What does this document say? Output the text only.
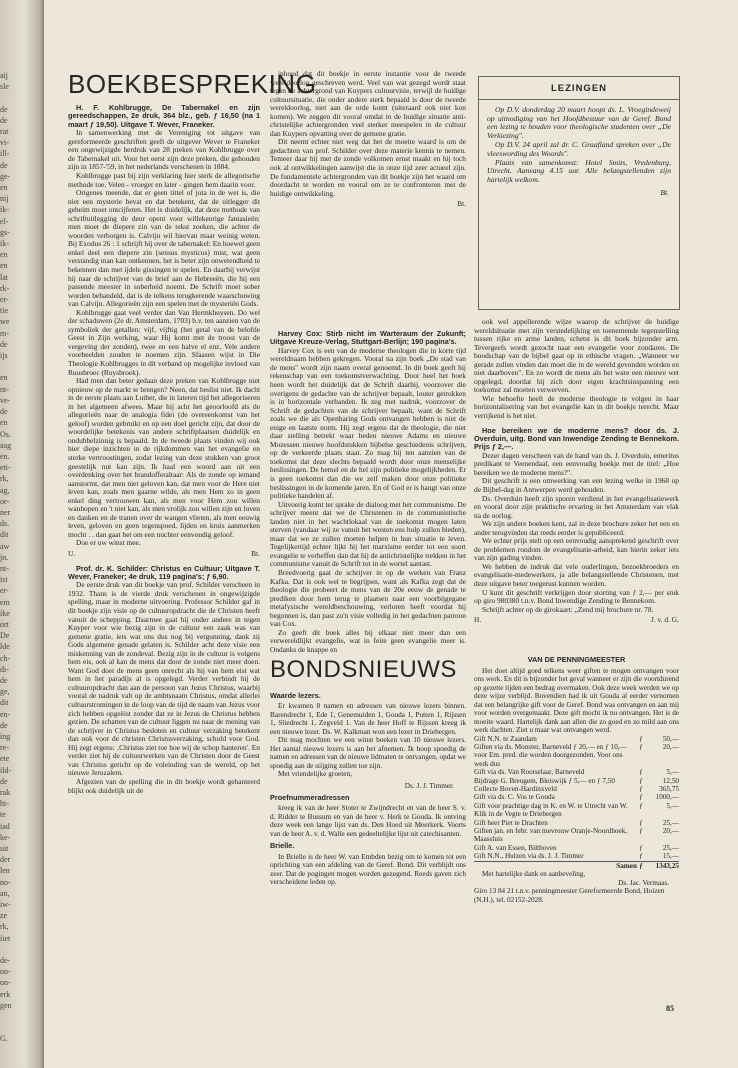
aij
sle

de
de
rat
vi-
ill-
de
ge-
en
nij
ik-
el-
gs-
ik-
en
en
lat
rk-
er-
tie
we
m-
de
ijs

en
nt-
ve-
de
en
Os.
aag
en.
eti-
rk,
ag,
or-
ner
ds.
dit
aw
jn.
nt-
ist
er-
em
ike
ort
De
lde
ch-
di-
de
ge,
dit
en-
de
ing
re-
ete
ild-
de
rak
ht-
te
iad
ke-
uit
der
len
no-
an,
iw-
ze
rk,
iiet

de-
on-
on-
erk
gen

G.
BOEKBESPREKING
H. F. Kohlbrugge, De Tabernakel en zijn gereedschappen, 2e druk, 364 blz., geb. ƒ 16,50 (na 1 maart ƒ 19,50). Uitgave T. Wever, Franeker.

In samenwerking met de Vereniging tot uitgave van gereformeerde geschriften geeft de uitgever Wever te Franeker een ongewijzigde herdruk van 28 preken van Kohlbrugge over de Tabernakel uit. Voor het eerst zijn deze preken, die gehouden zijn in 1857-'59, in het nederlands verschenen in 1884.

Kohlbrugge past bij zijn verklaring hier sterk de allegorische methode toe. Velen - vroeger en later - gingen hem daarin voor.

Origenes meende, dat er geen tittel of jota in de wet is, die niet een mysterie bevat en dat betekent, dat de uitlegger dit geheim moet ontcijferen. Het is duidelijk, dat deze methode van schriftuitlegging de deur opent voor willekeurige fantasieën: men moet de diepere zin van de tekst zoeken, die achter de woorden verborgen is. Calvijn wil hiervan maar weinig weten. Bij Exodus 26 : 1 schrijft hij over de tabernakel: En hoewel geen enkel deel een diepere zin (sensus mysticus) mist, wat geen verstandig man kan ontkennen, het is beter zijn onwetendheid te bekennen dan met ijdele gissingen te spelen. En daarbij verwijst hij naar de schrijver van de brief aan de Hebreeën, die hij een passende meester in soberheid noemt. De Schrift moet sober worden behandeld, dat is de telkens terugkerende waarschuwing van Calvijn. Allegorieën zijn een spelen met de mysteriën Gods.

Kohlbrugge gaat veel verder dan Van Hermkhuysen. Do wel der schaduwen (2e dr. Amsterdam, 1703) b.v. ten aanzien van de symboliek der getallen: vijf, vijftig (het getal van de belofde Geest in Zijn werking, waar Hij komt met de troost van de vergeving der zonden), twee en een halve el enz. Vele andere voorbeelden zouden te noemen zijn. Sfaasen wijst in Die Theologie Kohlbrugges in dit verband op mogelijke invloed van Ruusbroec (Ruysbroek).

Had men dan beter gedaan deze preken van Kohlbrugge niet opnieuw op de markt te brengen? Neen, dat beslist niet. Ik dacht in de eerste plaats aan Luther, die in lateren tijd het allegoriseren in het algemeen afwees. Maar hij acht het geoorloofd als de allegorieën naar de analogia fidei (de overeenkomst van het geloof) worden gebruikt en op een doel gericht zijn, dat door de woordelijke betekenis van andere schriftplaatsen duidelijk en ondubbelzinnig is bepaald. In de tweede plaats vinden wij ook hier diepe inzichten in de rijkdommen van het evangelie en sterke vertroostingen, zodat lezing van deze stukken van groot geestelijk nut kan zijn. Ik haal een woord aan uit een overdenking over het brandofferaltaar: Als de zonde op iemand aanstormt, dat men niet geloven kan, dat men voor de Here niet leven kan, zoals men gaarne wilde, als men Hem zo in geen enkel ding vertrouwen kan, als men voor Hem zou willen wanhopen en 't niet kan, als men vrolijk zou willen zijn en loven en danken en de tranen over de wangen vlieten, als men eeuwig leven, geloven en geen tegenspoed, lijden en kruis aanmerken mocht . . dan gaat het om een nuchter eenvoudig geloof.

Doe er uw winst mee.

U.	Bt.
Prof. dr. K. Schilder: Christus en Cultuur; Uitgave T. Wever, Franeker; 4e druk, 119 pagina's; ƒ 6,90.

De eerste druk van dit boekje van prof. Schilder verscheen in 1932. Thans is de vierde druk verschenen in ongewijzigde spelling, maar in moderne uitvoering. Professor Schilder gaf in dit boekje zijn visie op de cultuuropdracht die de Christen heeft vanuit de schepping. Daarmee gaat hij onder andere in tegen Kuyper voor wie bezig zijn in de cultuur een zaak was van gemene gratie, iets wat ons dus nog bij vergunning, dank zij Gods algemene genade gelaten is. Schilder acht deze visie een miskenning van de zondeval. Bezig zijn in de cultuur is volgens hem eis, ook al kan de mens dat door de zonde niet meer doen. Want God doet de mens geen onrecht als hij van hem eist wat hem in het paradijs al is opgelegd. Verder verbindt hij de cultuuropdracht dan aan de persoon van Jezus Christus, waarbij vooral de nadruk valt op de ambtsnaam Christus, omdat allerlei cultuurstromingen in de loop van de tijd de naam van Jezus voor zich hebben opgeëist zonder dat ze in Jezus de Christus hebben gezien. De schatten van de cultuur liggen nu naar de mening van de schrijver in Christus besloten en cultuur verzaking betekent dan ook voor de christen Christusverzaking, schuld voor God. Hij zegt ergens: ‚Christus ziet toe hoe wij de schop hanteren'. En verder ziet hij de cultuurwerken van de Christen door de Geest van Christus gericht op de voleinding van de wereld, op het nieuwe Jeruzalem.

Afgezien van de spelling die in dit boekje wordt gehanteerd blijkt ook duidelijk uit de

inhoud dat dit boekje in eerste instantie voor de tweede wereldoorlog geschreven werd. Veel van wat gezegd wordt staat tegen de achtergrond van Kuypers cultuurvisie, terwijl de huidige cultuursituatie, die onder andere sterk bepaald is door de tweede wereldoorlog, niet aan de orde komt (uiteraard ook niet kon komen). We zeggen dit vooral omdat in de huidige situatie anti-christelijke achtergronden veel sterker meespelen in de cultuur dan Kuypers opvatting over de gemene gratie.

Dit neemt echter niet weg dat het de moeite waard is om de gedachten van prof. Schilder over deze materie kennis te nemen. Temeer daar hij met de zonde volkomen ernst maakt en hij toch ook al ontwikkelingen aanwijst die in onze tijd zeer actueel zijn. De fundamentele achtergronden van dit boekje zijn het waard om doordacht te worden en vooral om ze te confronteren met de huidige ontwikkeling.

Bt.
Harvey Cox: Stirb nicht im Warteraum der Zukunft; Uitgave Kreuze-Verlag, Stuttgart-Berlijn; 190 pagina's.

Harvey Cox is een van de moderne theologen die in korte tijd wereldnaam hebben gekregen. Vooral na zijn boek „De stad van de mens" wordt zijn naam overal genoemd. In dit boek geeft hij rekenschap van een toekomstverwachting. Door heel het boek heen wordt het duidelijk dat de Schrift daarbij, voorzover die overigens de gedachte van de schrijver bepaalt, louter getrokken is in horizontale verbanden. Ik zeg met nadruk, voorzover de Schrift de gedachten van de schrijver bepaalt, want de Schrift zoals we die als Openbaring Gods ontvangen hebben is niet de enige en laatste norm. Hij zegt ergens dat de theologie, die niet daar stelling betrekt waar heden nieuwe Adams en nieuwe Mozessen nieuwe hoofdstukken bijbelse geschiedenis schrijven, op de verkeerde plaats staat. Zo mag hij ten aanzien van de toekomst dat deze slechts bepaald wordt door onze menselijke beslissingen. De hemel en de hel zijn politieke mogelijkheden. Er is geen toekomst dan die we zelf maken door onze politieke beslissingen in de komende jaren. En of God er is hangt van onze politieke handelen af.

Uitvoerig komt ter sprake de dialoog met het communisme. De schrijver meent dat we de Christenen in de communistische landen niet in het wachtlokaal van de toekomst mogen laten sterven (vandaar wij ze vanuit het westen ens hulp zullen bieden), maar dat we ze zullen moeten helpen in hun situatie te leven. Tegelijkertijd echter lijkt hij het marxisme eerder tot een soort evangelie te verheffen dan dat hij de antichristelijke trekken in het communisme vanuit de Schrift tot in de wortel aantast.

Breedvoerig gaat de schrijver in op de werken van Franz Kafka. Dat is ook wel te begrijpen, want als Kafka zegt dat de theologie die probeert de mens van de 20e eeuw de genade te prediken door hem terug te plaatsen naar een voorbijgegane metafysische wereldbeschouwing, verloren heeft voordat hij begonnen is, dan past zo'n visie volledig in het gedachten patroon van Cox.

Zo geeft dit boek alles bij elkaar niet meer dan een verwereldlijkt evangelie, wat in feite geen evangelie meer is. Ondanks de knappe en

LEZINGEN

Op D.V. donderdag 20 maart hoopt ds. L. Vroegindeweij op uitnodiging van het Hoofdbestuur van de Geref. Bond een lezing te houden voor theologische studenten over „De Verkiezing".

Op D.V. 24 april zal dr. C. Graafland spreken over „De vleeswording des Woords".

Plaats van samenkomst: Hotel Smits, Vredenburg, Utrecht. Aanvang 4.15 uur. Alle belangstellenden zijn hartelijk welkom.

Bt.

ook wel appellerende wijze waarop de schrijver de huidige wereldsituatie met zijn verstedelijking en toenemende tegenstelling tussen rijke en arme landen, schetst is dit boek bijzonder arm. Tevergeefs wordt gezocht naar een evangelie voor zondaren. De boodschap van de bijbel gaat op in ethische vragen. „Wanneer we gerade zullen vinden dan moet die in de wereld gevonden worden en niet daarboven". En zo wordt de mens als het ware een nieuwe wet opgelegd, doordat hij zich door eigen krachtsinspanning een toekomst zal moeten verwerven.

Wie behoefte heeft de moderne theologie te volgen in haar horizontalisering van het evangelie kan in dit boekje terecht. Maar verrijkend is het niet.

Hoe bereiken we de moderne mens? door ds. J. Overduin, uitg. Bond van Inwendige Zending te Bennekom. Prijs ƒ 2,—.

Dezer dagen verscheen van de hand van ds. J. Overduin, emeritus predikant te Veenendaal, een eenvoudig boekje met de titel: „Hoe bereiken we de moderne mens?".

Dit geschrift is een omwerking van een lezing welke in 1968 op de Bijbel-dag in Antwerpen werd gehouden.

Ds. Overduin heeft zijn sporen verdiend in het evangelisatiewerk en vooral door zijn praktische ervaring in het Amsterdam van vlak na de oorlog.

We zijn andere boeken kent, zal in deze brochure zeker het een en ander terugvinden dat reeds eerder is gepubliceerd.

We echter prijs stelt op een eenvoudig aansprekend geschrift over de problemen rondom de evangelisatie-arbeid, kan hierin zeker iets van zijn gading vinden.

We hebben de indruk dat vele ouderlingen, bezoekbroeders en evangelisatie-medewerkers, ja alle belangstellende Christenen, met deze uitgave beter toegerust kunnen worden.

U kunt dit geschrift verkrijgen door storting van ƒ 2,— per stuk op giro 980380 t.n.v. Bond Inwendige Zending te Bennekom.

Schrijft achter op de girokaart: „Zend mij brochure nr. 78.

H.	J. v. d. G.
BONDSNIEUWS
Waarde lezers.

Er kwamen 8 namen en adressen van nieuwe lezers binnen. Barendrecht 1, Ede 1, Genemuiden 1, Gouda 1, Putten 1, Rijssen 1, Sliedrecht 1, Zegveld 1. Van de heer Hoff te Rijssen kreeg ik een nieuwe lezer. Ds. W. Kalkman won een lezer in Driebergen.

Dit mag mochten we een winst boeken van 10 nieuwe lezers. Het aantal nieuwe lezers is aan het afnemen. Ik hoop spoedig de namen en adressen van de nieuwe lidmaten te ontvangen, opdat we spoedig aan de stijging zullen toe zijn.

Met vriendelijke groeten,

Ds. J. J. Timmer.
Proefnummeradressen

kreeg ik van de heer Stoter te Zwijndrecht en van de heer S. v. d. Ridder te Bussum en van de heer v. Herk te Gouda. Ik ontving deze week een lange lijst van ds. Den Hoed uit Meerkerk. Voorts van de heer A. v. d. Walle een gedeeltelijke lijst uit catechisanten.

Brielle.

In Brielle is de heer W. van Embden bezig om te komen tot een oprichting van een afdeling van de Geref. Bond. Dit verblijdt ons zeer. Dat de pogingen mogen worden gezegend. Reeds gaven zich verscheidene leden op.

VAN DE PENNINGMEESTER

Het doet altijd goed telkens weer giften te mogen ontvangen voor ons werk. En dit is bijzonder het geval wanneer er zijn die voortdurend op gezette tijden een bedrag overmaken. Ook deze week werden we op deze wijze verblijd. Bovendien had ik uit Gouda al eerder vernomen dat een belangrijke gift voor de Geref. Bond was ontvangen en aan mij voor worden overgemaakt. Deze gift mocht ik nu ontvangen. Het is de moeite waard. Hartelijk dank aan allen die zo goed en zo mild aan ons werk dachten. Ziet u maar wat ontvangen werd.

Gift N.N. te Zaandam	ƒ	50,—
Giften via ds. Monster, Barneveld ƒ 20,— en ƒ 10,— voor Em. pred. die worden doorgezonden. Voor ons werk dus	ƒ	20,—
Gift via ds. Van Rootselaar, Barneveld	ƒ	5,—
Bijdrage G. Breugem, Bleiswijk ƒ 5,— en ƒ 7,50	ƒ	12,50
Collecte Boven-Hardinxveld	ƒ	365,75
Gift via ds. C. Vos te Gouda	ƒ	1000,—
Gift voor prachtige dag in K. en W. te Utrecht van W. Klik in de Vegte te Driebergen	ƒ	5,—
Gift heer Piet te Drachten	ƒ	25,—
Giften jan. en febr. van mevrouw Oranje-Noordhoek, Maassluis	ƒ	20,—
Gift A. van Essen, Bilthoven	ƒ	25,—
Gift N.N., Hulzen via ds. J. J. Timmer	ƒ	15,—
Samen	ƒ	1343,25

Met hartelijke dank en aanbeveling,

Ds. Jac. Vermaas.
Giro 13 84 21 t.n.v. penningmeester Gereformeerde Bond, Hoizen (N.H.), tel. 02152-2028.
85
